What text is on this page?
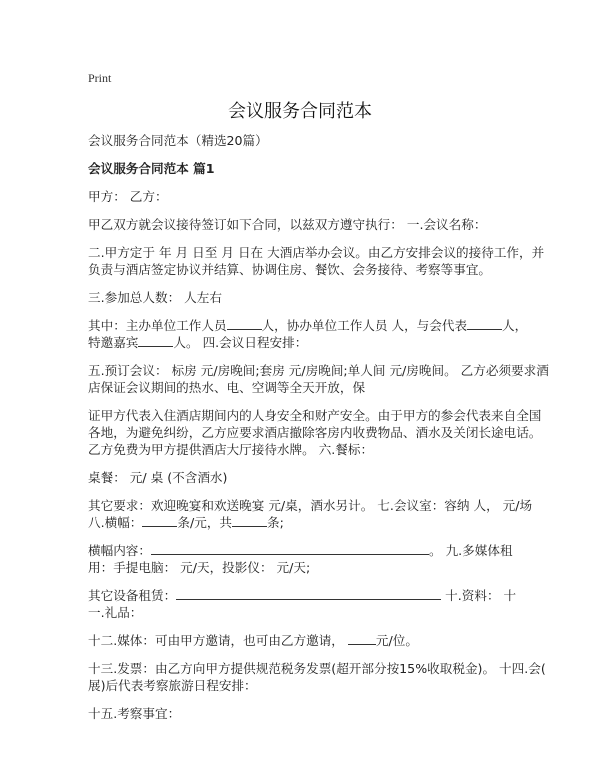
Print
会议服务合同范本

会议服务合同范本（精选20篇）

会议服务合同范本 篇1

甲方： 乙方：

甲乙双方就会议接待签订如下合同，以兹双方遵守执行： 一.会议名称：

二.甲方定于 年 月 日至 月 日在 大酒店举办会议。由乙方安排会议的接待工作，并
负责与酒店签定协议并结算、协调住房、餐饮、会务接待、考察等事宜。

三.参加总人数： 人左右

其中：主办单位工作人员	人，协办单位工作人员 人，与会代表	人，
特邀嘉宾	人。 四.会议日程安排：

五.预订会议： 标房 元/房晚间;套房 元/房晚间;单人间 元/房晚间。 乙方必须要求酒
店保证会议期间的热水、电、空调等全天开放，保

证甲方代表入住酒店期间内的人身安全和财产安全。由于甲方的参会代表来自全国
各地，为避免纠纷，乙方应要求酒店撤除客房内收费物品、酒水及关闭长途电话。
乙方免费为甲方提供酒店大厅接待水牌。 六.餐标：

桌餐： 元/ 桌 (不含酒水)

其它要求：欢迎晚宴和欢送晚宴 元/桌，酒水另计。 七.会议室：容纳 人， 元/场
八.横幅：	条/元，共	条;

横幅内容：	。 九.多媒体租
用：手提电脑： 元/天，投影仪： 元/天;

其它设备租赁：	十.资料： 十
一.礼品：

十二.媒体：可由甲方邀请，也可由乙方邀请， 元/位。

十三.发票：由乙方向甲方提供规范税务发票(超开部分按15%收取税金)。 十四.会(
展)后代表考察旅游日程安排：

十五.考察事宜：
